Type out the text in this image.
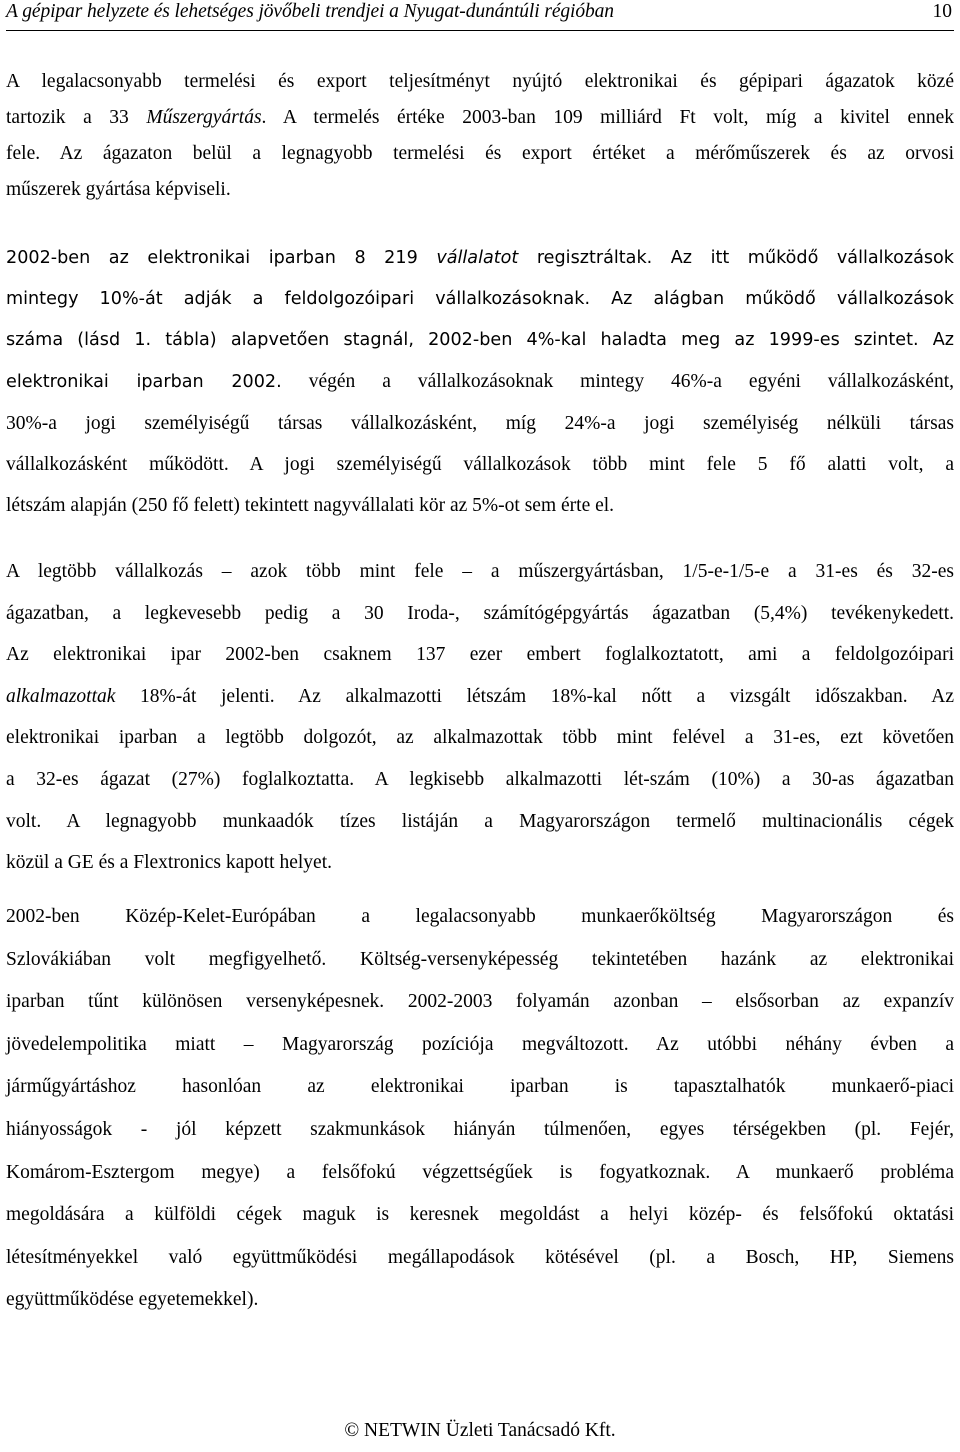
A gépipar helyzete és lehetséges jövőbeli trendjei a Nyugat-dunántúli régióban	10
A legalacsonyabb termelési és export teljesítményt nyújtó elektronikai és gépipari ágazatok közé
tartozik a 33 Műszergyártás. A termelés értéke 2003-ban 109 milliárd Ft volt, míg a kivitel ennek
fele. Az ágazaton belül a legnagyobb termelési és export értéket a mérőműszerek és az orvosi
műszerek gyártása képviseli.
2002-ben az elektronikai iparban 8 219 vállalatot regisztráltak. Az itt működő vállalkozások
mintegy 10%-át adják a feldolgozóipari vállalkozásoknak. Az alágban működő vállalkozások
száma (lásd 1. tábla) alapvetően stagnál, 2002-ben 4%-kal haladta meg az 1999-es szintet. Az
elektronikai iparban 2002. végén a vállalkozásoknak mintegy 46%-a egyéni vállalkozásként,
30%-a jogi személyiségű társas vállalkozásként, míg 24%-a jogi személyiség nélküli társas
vállalkozásként működött. A jogi személyiségű vállalkozások több mint fele 5 fő alatti volt, a
létszám alapján (250 fő felett) tekintett nagyvállalati kör az 5%-ot sem érte el.
A legtöbb vállalkozás – azok több mint fele – a műszergyártásban, 1/5-e-1/5-e a 31-es és 32-es
ágazatban, a legkevesebb pedig a 30 Iroda-, számítógépgyártás ágazatban (5,4%) tevékenykedett.
Az elektronikai ipar 2002-ben csaknem 137 ezer embert foglalkoztatott, ami a feldolgozóipari
alkalmazottak 18%-át jelenti. Az alkalmazotti létszám 18%-kal nőtt a vizsgált időszakban. Az
elektronikai iparban a legtöbb dolgozót, az alkalmazottak több mint felével a 31-es, ezt követően
a 32-es ágazat (27%) foglalkoztatta. A legkisebb alkalmazotti lét-szám (10%) a 30-as ágazatban
volt. A legnagyobb munkaadók tízes listáján a Magyarországon termelő multinacionális cégek
közül a GE és a Flextronics kapott helyet.
2002-ben Közép-Kelet-Európában a legalacsonyabb munkaerőköltség Magyarországon és
Szlovákiában volt megfigyelhető. Költség-versenyképesség tekintetében hazánk az elektronikai
iparban tűnt különösen versenyképesnek. 2002-2003 folyamán azonban – elsősorban az expanzív
jövedelempolitika miatt – Magyarország pozíciója megváltozott. Az utóbbi néhány évben a
járműgyártáshoz hasonlóan az elektronikai iparban is tapasztalhatók munkaerő-piaci
hiányosságok - jól képzett szakmunkások hiányán túlmenően, egyes térségekben (pl. Fejér,
Komárom-Esztergom megye) a felsőfokú végzettségűek is fogyatkoznak. A munkaerő probléma
megoldására a külföldi cégek maguk is keresnek megoldást a helyi közép- és felsőfokú oktatási
létesítményekkel való együttműködési megállapodások kötésével (pl. a Bosch, HP, Siemens
együttműködése egyetemekkel).
© NETWIN Üzleti Tanácsadó Kft.
